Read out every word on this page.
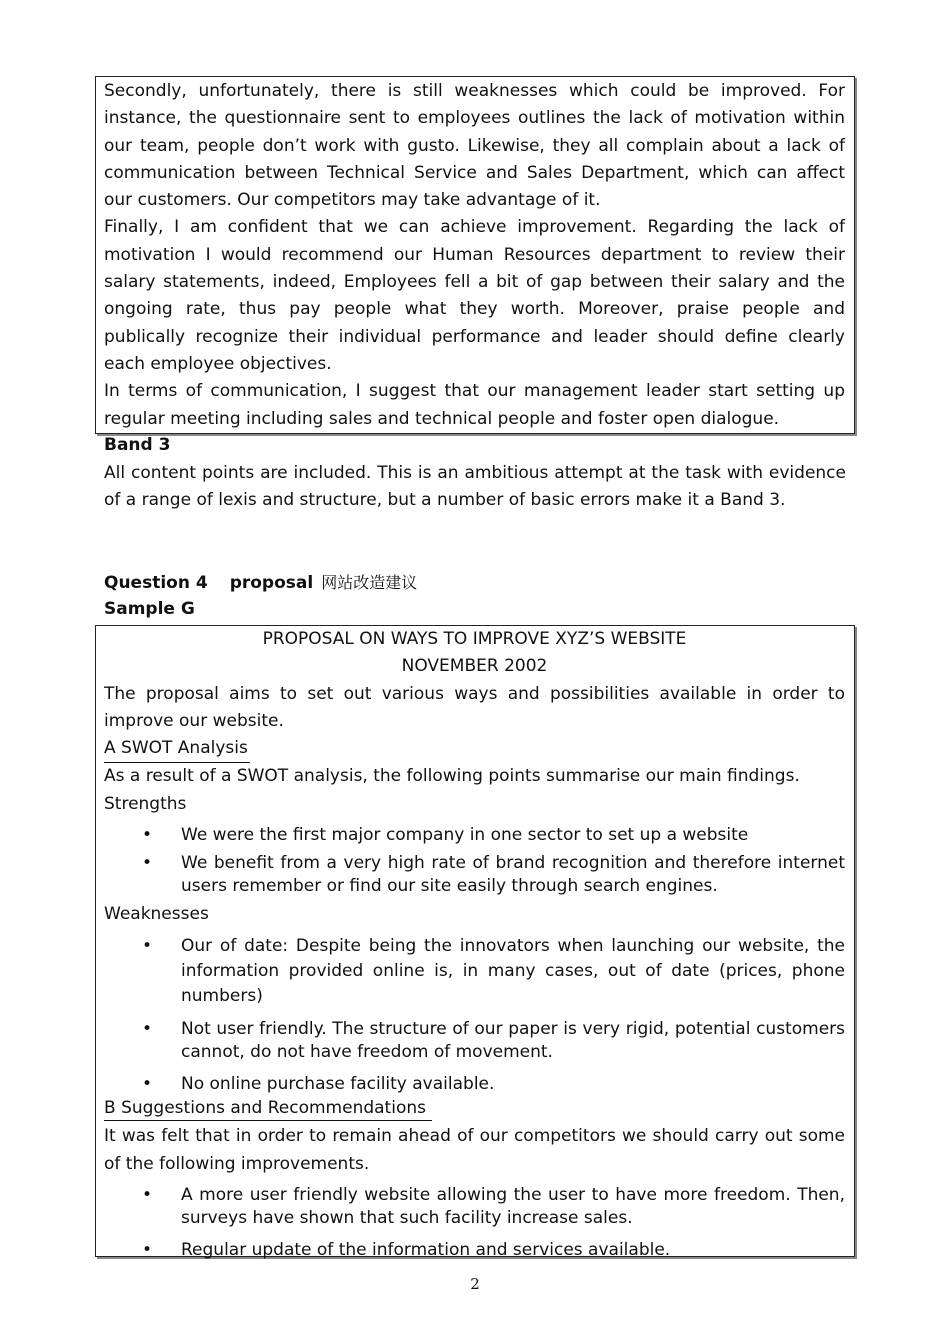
Secondly, unfortunately, there is still weaknesses which could be improved. For instance, the questionnaire sent to employees outlines the lack of motivation within our team, people don’t work with gusto. Likewise, they all complain about a lack of communication between Technical Service and Sales Department, which can affect our customers. Our competitors may take advantage of it.

Finally, I am confident that we can achieve improvement. Regarding the lack of motivation I would recommend our Human Resources department to review their salary statements, indeed, Employees fell a bit of gap between their salary and the ongoing rate, thus pay people what they worth. Moreover, praise people and publically recognize their individual performance and leader should define clearly each employee objectives.

In terms of communication, I suggest that our management leader start setting up regular meeting including sales and technical people and foster open dialogue.

Band 3

All content points are included. This is an ambitious attempt at the task with evidence of a range of lexis and structure, but a number of basic errors make it a Band 3.

Question 4 proposal 网站改造建议
Sample G

PROPOSAL ON WAYS TO IMPROVE XYZ’S WEBSITE

NOVEMBER 2002

The proposal aims to set out various ways and possibilities available in order to improve our website.

A SWOT Analysis

As a result of a SWOT analysis, the following points summarise our main findings.

Strengths

• We were the first major company in one sector to set up a website
• We benefit from a very high rate of brand recognition and therefore internet users remember or find our site easily through search engines.

Weaknesses

• Our of date: Despite being the innovators when launching our website, the information provided online is, in many cases, out of date (prices, phone numbers)
• Not user friendly. The structure of our paper is very rigid, potential customers cannot, do not have freedom of movement.
• No online purchase facility available.

B Suggestions and Recommendations

It was felt that in order to remain ahead of our competitors we should carry out some of the following improvements.

• A more user friendly website allowing the user to have more freedom. Then, surveys have shown that such facility increase sales.
• Regular update of the information and services available.
2
